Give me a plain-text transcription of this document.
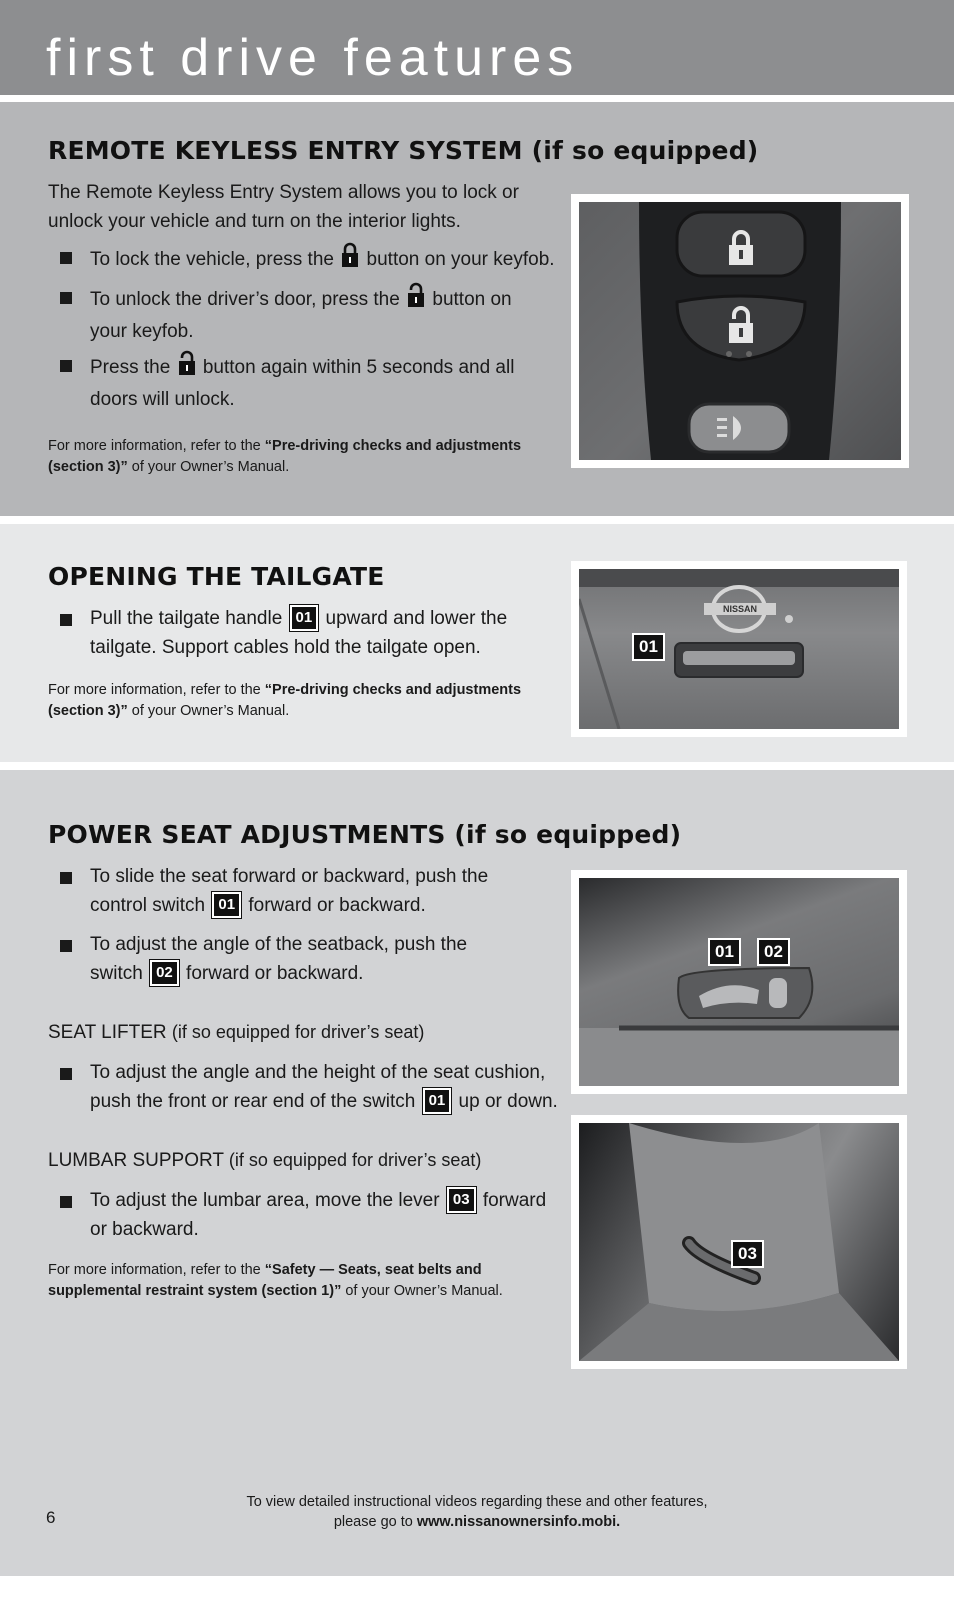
first drive features
REMOTE KEYLESS ENTRY SYSTEM (if so equipped)
The Remote Keyless Entry System allows you to lock or
unlock your vehicle and turn on the interior lights.
To lock the vehicle, press the button on your keyfob.
To unlock the driver’s door, press the button on
your keyfob.
Press the button again within 5 seconds and all
doors will unlock.
For more information, refer to the “Pre-driving checks and adjustments
(section 3)” of your Owner’s Manual.
OPENING THE TAILGATE
Pull the tailgate handle 01 upward and lower the
tailgate. Support cables hold the tailgate open.
For more information, refer to the “Pre-driving checks and adjustments
(section 3)” of your Owner’s Manual.
NISSAN
01
POWER SEAT ADJUSTMENTS (if so equipped)
To slide the seat forward or backward, push the
control switch 01 forward or backward.
To adjust the angle of the seatback, push the
switch 02 forward or backward.
SEAT LIFTER (if so equipped for driver’s seat)
To adjust the angle and the height of the seat cushion,
push the front or rear end of the switch 01 up or down.
LUMBAR SUPPORT (if so equipped for driver’s seat)
To adjust the lumbar area, move the lever 03 forward
or backward.
For more information, refer to the “Safety — Seats, seat belts and
supplemental restraint system (section 1)” of your Owner’s Manual.
01	02
03
To view detailed instructional videos regarding these and other features,
please go to www.nissanownersinfo.mobi.
6
